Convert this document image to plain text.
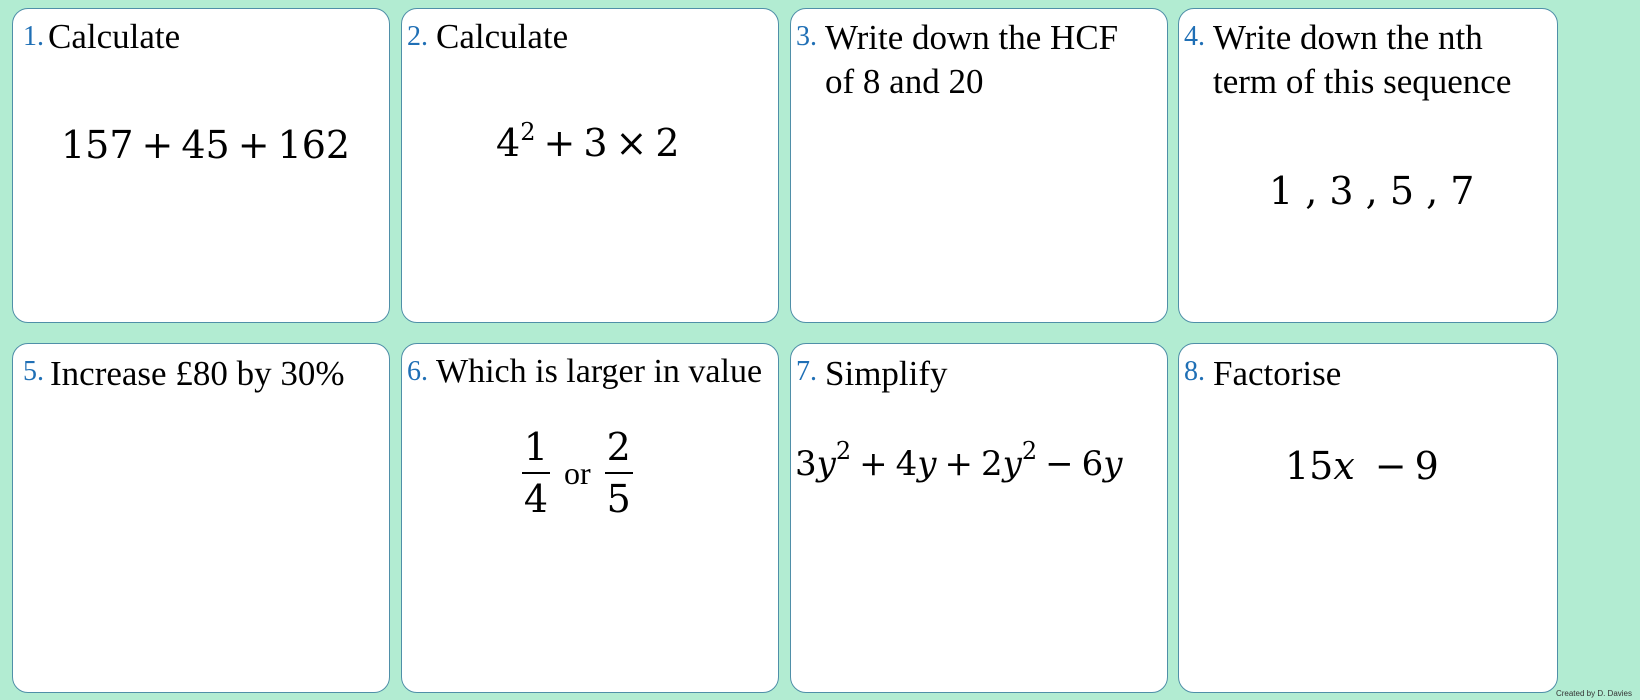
1. Calculate
157 + 45 + 162
2. Calculate
$4^2 + 3 \times 2$
3. Write down the HCF
of 8 and 20
4. Write down the nth
term of this sequence
1 , 3 , 5 , 7
5. Increase £80 by 30% 6. Which is larger in value
$\frac{1}{4}$ or $\frac{2}{5}$
7. Simplify
$3y^2 + 4y + 2y^2 - 6y$
8. Factorise
15x − 9
Created by D. Davies
